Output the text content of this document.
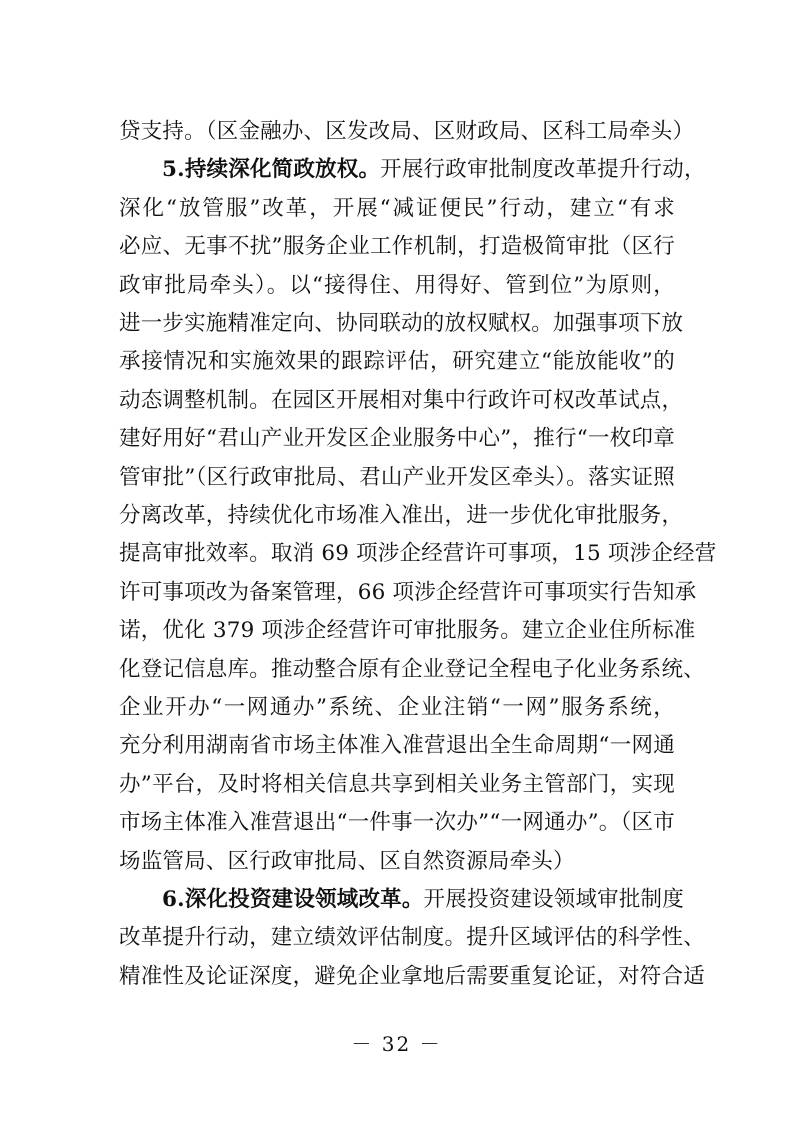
贷支持。（区金融办、区发改局、区财政局、区科工局牵头）
5.持续深化简政放权。开展行政审批制度改革提升行动，
深化“放管服”改革，开展“减证便民”行动，建立“有求
必应、无事不扰”服务企业工作机制，打造极简审批（区行
政审批局牵头）。以“接得住、用得好、管到位”为原则，
进一步实施精准定向、协同联动的放权赋权。加强事项下放
承接情况和实施效果的跟踪评估，研究建立“能放能收”的
动态调整机制。在园区开展相对集中行政许可权改革试点，
建好用好“君山产业开发区企业服务中心”，推行“一枚印章
管审批”（区行政审批局、君山产业开发区牵头）。落实证照
分离改革，持续优化市场准入准出，进一步优化审批服务，
提高审批效率。取消 69 项涉企经营许可事项，15 项涉企经营
许可事项改为备案管理，66 项涉企经营许可事项实行告知承
诺，优化 379 项涉企经营许可审批服务。建立企业住所标准
化登记信息库。推动整合原有企业登记全程电子化业务系统、
企业开办“一网通办”系统、企业注销“一网”服务系统，
充分利用湖南省市场主体准入准营退出全生命周期“一网通
办”平台，及时将相关信息共享到相关业务主管部门，实现
市场主体准入准营退出“一件事一次办”“一网通办”。（区市
场监管局、区行政审批局、区自然资源局牵头）
6.深化投资建设领域改革。开展投资建设领域审批制度
改革提升行动，建立绩效评估制度。提升区域评估的科学性、
精准性及论证深度，避免企业拿地后需要重复论证，对符合适
－ 32 －
